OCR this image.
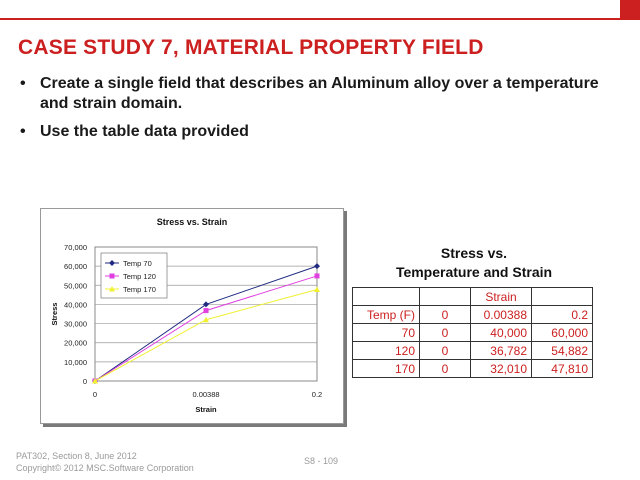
CASE STUDY 7, MATERIAL PROPERTY FIELD
• Create a single field that describes an Aluminum alloy over a temperature and strain domain.
• Use the table data provided
Stress vs. Strain
0
10,000
20,000
30,000
40,000
50,000
60,000
70,000
0	0.00388	0.2
Strain
Stress
Temp 70
Temp 120
Temp 170
Stress vs.
Temperature and Strain
		Strain	
Temp (F)	0	0.00388	0.2
70	0	40,000	60,000
120	0	36,782	54,882
170	0	32,010	47,810
PAT302, Section 8, June 2012
Copyright© 2012 MSC.Software Corporation
S8 - 109
